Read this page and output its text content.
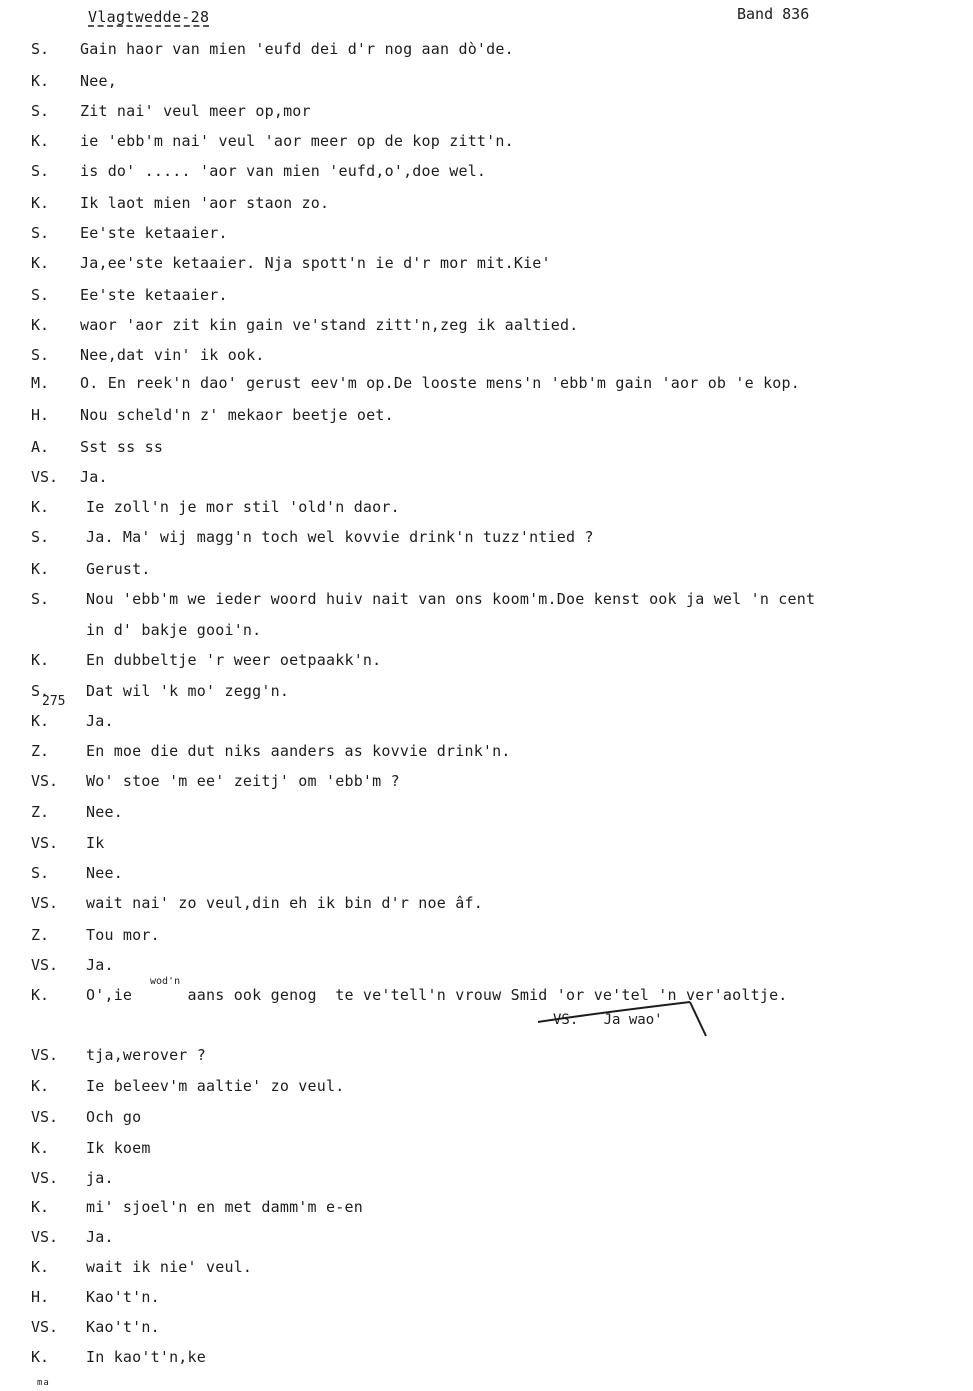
Vlagtwedde-28	Band 836
S. Gain haor van mien 'eufd dei d'r nog aan dò'de.
K. Nee,
S. Zit nai' veul meer op,mor
K. ie 'ebb'm nai' veul 'aor meer op de kop zitt'n.
S. is do' ..... 'aor van mien 'eufd,o',doe wel.
K. Ik laot mien 'aor staon zo.
S. Ee'ste ketaaier.
K. Ja,ee'ste ketaaier. Nja spott'n ie d'r mor mit.Kie'
S. Ee'ste ketaaier.
K. waor 'aor zit kin gain ve'stand zitt'n,zeg ik aaltied.
S. Nee,dat vin' ik ook.
M. O. En reek'n dao' gerust eev'm op.De looste mens'n 'ebb'm gain 'aor ob 'e kop.
H. Nou scheld'n z' mekaor beetje oet.
A. Sst ss ss
VS. Ja.
K. Ie zoll'n je mor stil 'old'n daor.
S. Ja. Ma' wij magg'n toch wel kovvie drink'n tuzz'ntied ?
K. Gerust.
S. Nou 'ebb'm we ieder woord huiv nait van ons koom'm.Doe kenst ook ja wel 'n cent
in d' bakje gooi'n.
K. En dubbeltje 'r weer oetpaakk'n.
S. Dat wil 'k mo' zegg'n.
K. Ja.
Z. En moe die dut niks aanders as kovvie drink'n.
VS. Wo' stoe 'm ee' zeitj' om 'ebb'm ?
Z. Nee.
VS. Ik
S. Nee.
VS. wait nai' zo veul,din eh ik bin d'r noe âf.
Z. Tou mor.
VS. Ja.
K. O',ie      aans ook genog  te ve'tell'n vrouw Smid 'or ve'tel 'n ver'aoltje.
VS. tja,werover ?
K. Ie beleev'm aaltie' zo veul.
VS. Och go
K. Ik koem
VS. ja.
K. mi' sjoel'n en met damm'm e-en
VS. Ja.
K. wait ik nie' veul.
H. Kao't'n.
VS. Kao't'n.
K. In kao't'n,ke
275
wod'n
VS.   Ja wao'
ma
